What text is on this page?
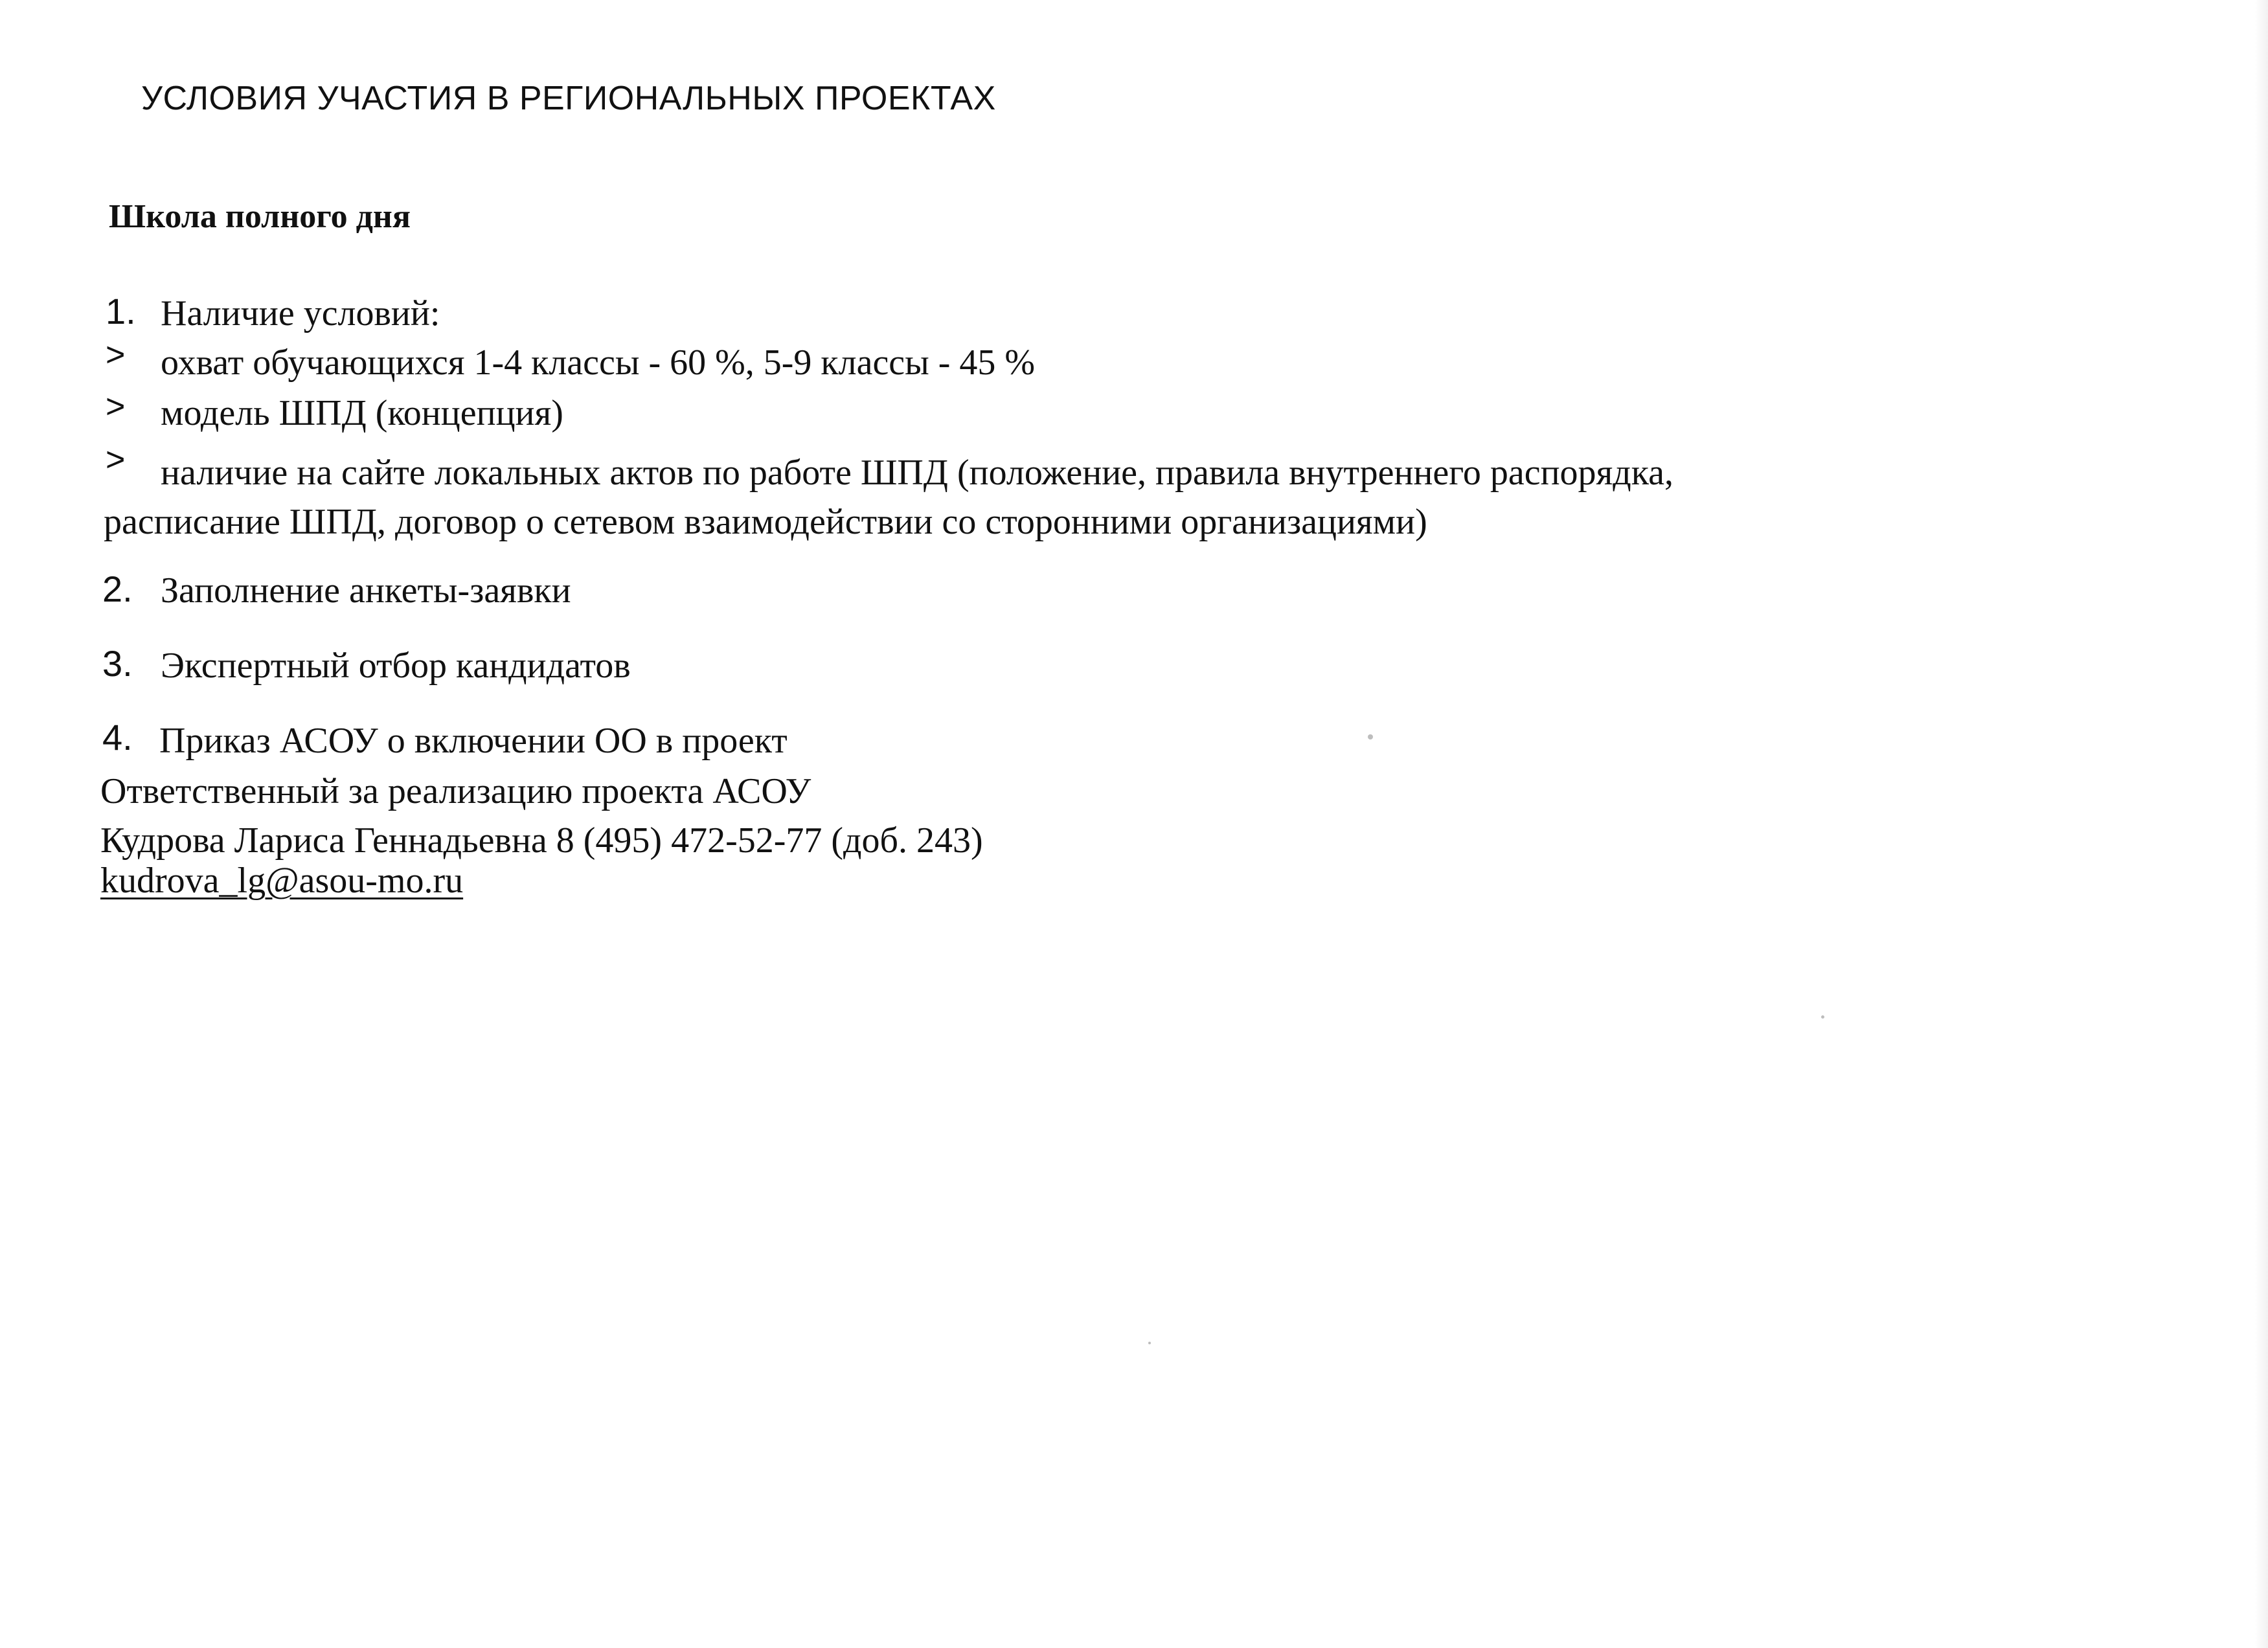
УСЛОВИЯ УЧАСТИЯ В РЕГИОНАЛЬНЫХ ПРОЕКТАХ
Школа полного дня
1. Наличие условий:
> охват обучающихся 1-4 классы - 60 %, 5-9 классы - 45 %
> модель ШПД (концепция)
> наличие на сайте локальных актов по работе ШПД (положение, правила внутреннего распорядка,
расписание ШПД, договор о сетевом взаимодействии со сторонними организациями)
2. Заполнение анкеты-заявки
3. Экспертный отбор кандидатов
4. Приказ АСОУ о включении ОО в проект
Ответственный за реализацию проекта АСОУ
Кудрова Лариса Геннадьевна 8 (495) 472-52-77 (доб. 243)
kudrova_lg@asou-mo.ru
